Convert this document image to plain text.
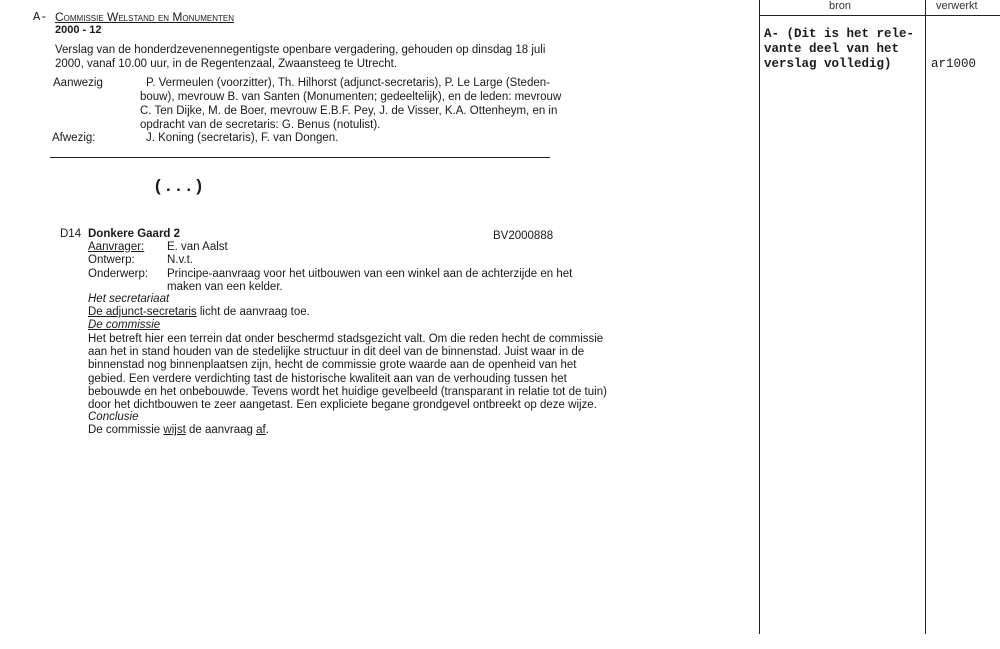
A- Commissie Welstand en Monumenten
2000 - 12
Verslag van de honderdzevenennegentigste openbare vergadering, gehouden op dinsdag 18 juli
2000, vanaf 10.00 uur, in de Regentenzaal, Zwaansteeg te Utrecht.
Aanwezig	P. Vermeulen (voorzitter), Th. Hilhorst (adjunct-secretaris), P. Le Large (Steden-
bouw), mevrouw B. van Santen (Monumenten; gedeeltelijk), en de leden: mevrouw
C. Ten Dijke, M. de Boer, mevrouw E.B.F. Pey, J. de Visser, K.A. Ottenheym, en in
opdracht van de secretaris: G. Benus (notulist).
Afwezig:	J. Koning (secretaris), F. van Dongen.
(...)
D14 Donkere Gaard 2	BV2000888
Aanvrager: E. van Aalst
Ontwerp:	N.v.t.
Onderwerp: Principe-aanvraag voor het uitbouwen van een winkel aan de achterzijde en het
maken van een kelder.
Het secretariaat
De adjunct-secretaris licht de aanvraag toe.
De commissie
Het betreft hier een terrein dat onder beschermd stadsgezicht valt. Om die reden hecht de commissie
aan het in stand houden van de stedelijke structuur in dit deel van de binnenstad. Juist waar in de
binnenstad nog binnenplaatsen zijn, hecht de commissie grote waarde aan de openheid van het
gebied. Een verdere verdichting tast de historische kwaliteit aan van de verhouding tussen het
bebouwde en het onbebouwde. Tevens wordt het huidige gevelbeeld (transparant in relatie tot de tuin)
door het dichtbouwen te zeer aangetast. Een expliciete begane grondgevel ontbreekt op deze wijze.
Conclusie
De commissie wijst de aanvraag af.
bron	verwerkt
A- (Dit is het rele-
vante deel van het
verslag volledig)	ar1000
